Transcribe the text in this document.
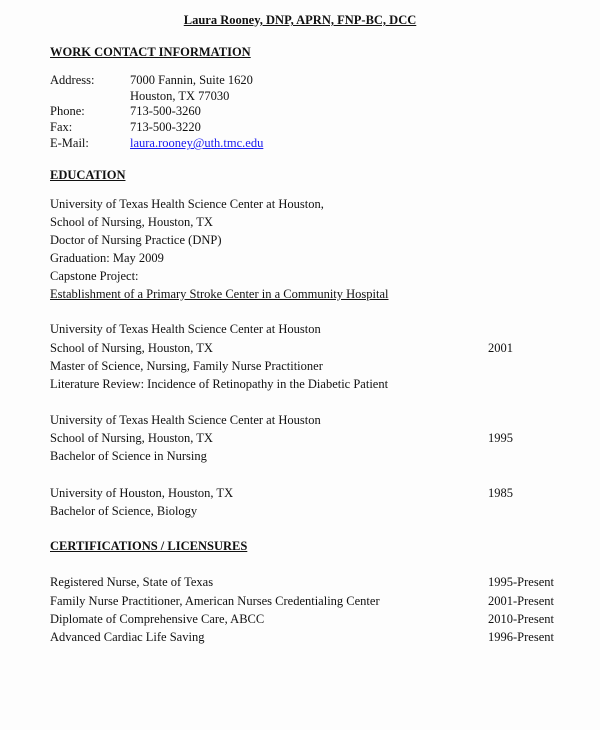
Laura Rooney, DNP, APRN, FNP-BC, DCC
WORK CONTACT INFORMATION
Address:	7000 Fannin, Suite 1620
Houston, TX 77030
Phone:	713-500-3260
Fax:	713-500-3220
E-Mail:	laura.rooney@uth.tmc.edu
EDUCATION
University of Texas Health Science Center at Houston,
School of Nursing, Houston, TX
Doctor of Nursing Practice (DNP)
Graduation: May 2009
Capstone Project:
Establishment of a Primary Stroke Center in a Community Hospital
University of Texas Health Science Center at Houston
School of Nursing, Houston, TX	2001
Master of Science, Nursing, Family Nurse Practitioner
Literature Review: Incidence of Retinopathy in the Diabetic Patient
University of Texas Health Science Center at Houston
School of Nursing, Houston, TX	1995
Bachelor of Science in Nursing
University of Houston, Houston, TX	1985
Bachelor of Science, Biology
CERTIFICATIONS / LICENSURES
Registered Nurse, State of Texas	1995-Present
Family Nurse Practitioner, American Nurses Credentialing Center	2001-Present
Diplomate of Comprehensive Care, ABCC	2010-Present
Advanced Cardiac Life Saving	1996-Present
